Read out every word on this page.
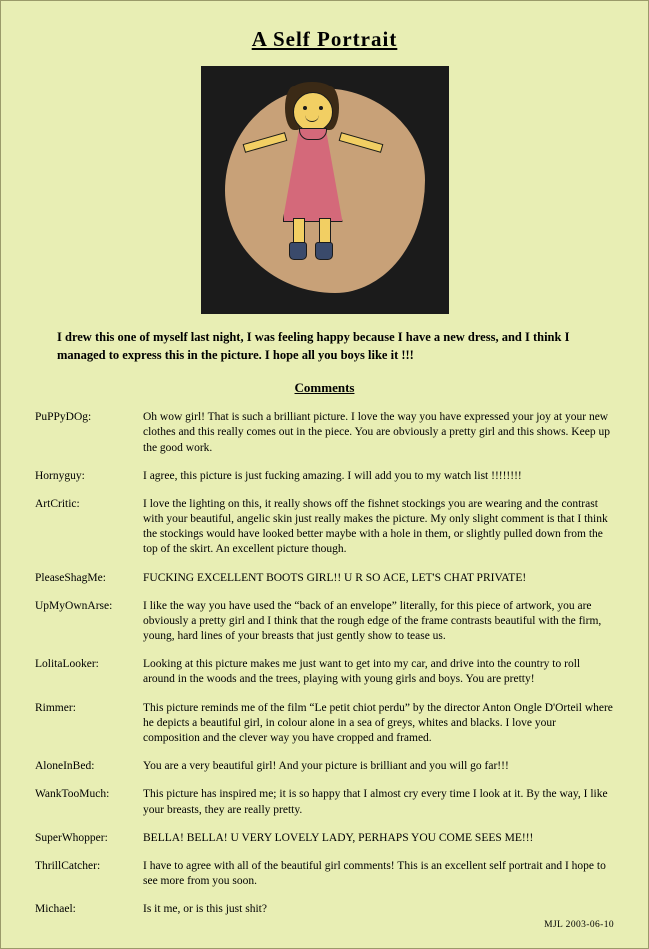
A Self Portrait

I drew this one of myself last night, I was feeling happy because I have a new dress, and I think I managed to express this in the picture. I hope all you boys like it !!!

Comments
PuPPyDOg:	Oh wow girl! That is such a brilliant picture. I love the way you have expressed your joy at your new clothes and this really comes out in the piece. You are obviously a pretty girl and this shows. Keep up the good work.
Hornyguy:	I agree, this picture is just fucking amazing. I will add you to my watch list !!!!!!!!
ArtCritic:	I love the lighting on this, it really shows off the fishnet stockings you are wearing and the contrast with your beautiful, angelic skin just really makes the picture. My only slight comment is that I think the stockings would have looked better maybe with a hole in them, or slightly pulled down from the top of the skirt. An excellent picture though.
PleaseShagMe:	FUCKING EXCELLENT BOOTS GIRL!! U R SO ACE, LET'S CHAT PRIVATE!
UpMyOwnArse:	I like the way you have used the “back of an envelope” literally, for this piece of artwork, you are obviously a pretty girl and I think that the rough edge of the frame contrasts beautiful with the firm, young, hard lines of your breasts that just gently show to tease us.
LolitaLooker:	Looking at this picture makes me just want to get into my car, and drive into the country to roll around in the woods and the trees, playing with young girls and boys. You are pretty!
Rimmer:	This picture reminds me of the film “Le petit chiot perdu” by the director Anton Ongle D'Orteil where he depicts a beautiful girl, in colour alone in a sea of greys, whites and blacks. I love your composition and the clever way you have cropped and framed.
AloneInBed:	You are a very beautiful girl! And your picture is brilliant and you will go far!!!
WankTooMuch:	This picture has inspired me; it is so happy that I almost cry every time I look at it. By the way, I like your breasts, they are really pretty.
SuperWhopper:	BELLA! BELLA! U VERY LOVELY LADY, PERHAPS YOU COME SEES ME!!!
ThrillCatcher:	I have to agree with all of the beautiful girl comments! This is an excellent self portrait and I hope to see more from you soon.
Michael:	Is it me, or is this just shit?
MJL 2003-06-10
